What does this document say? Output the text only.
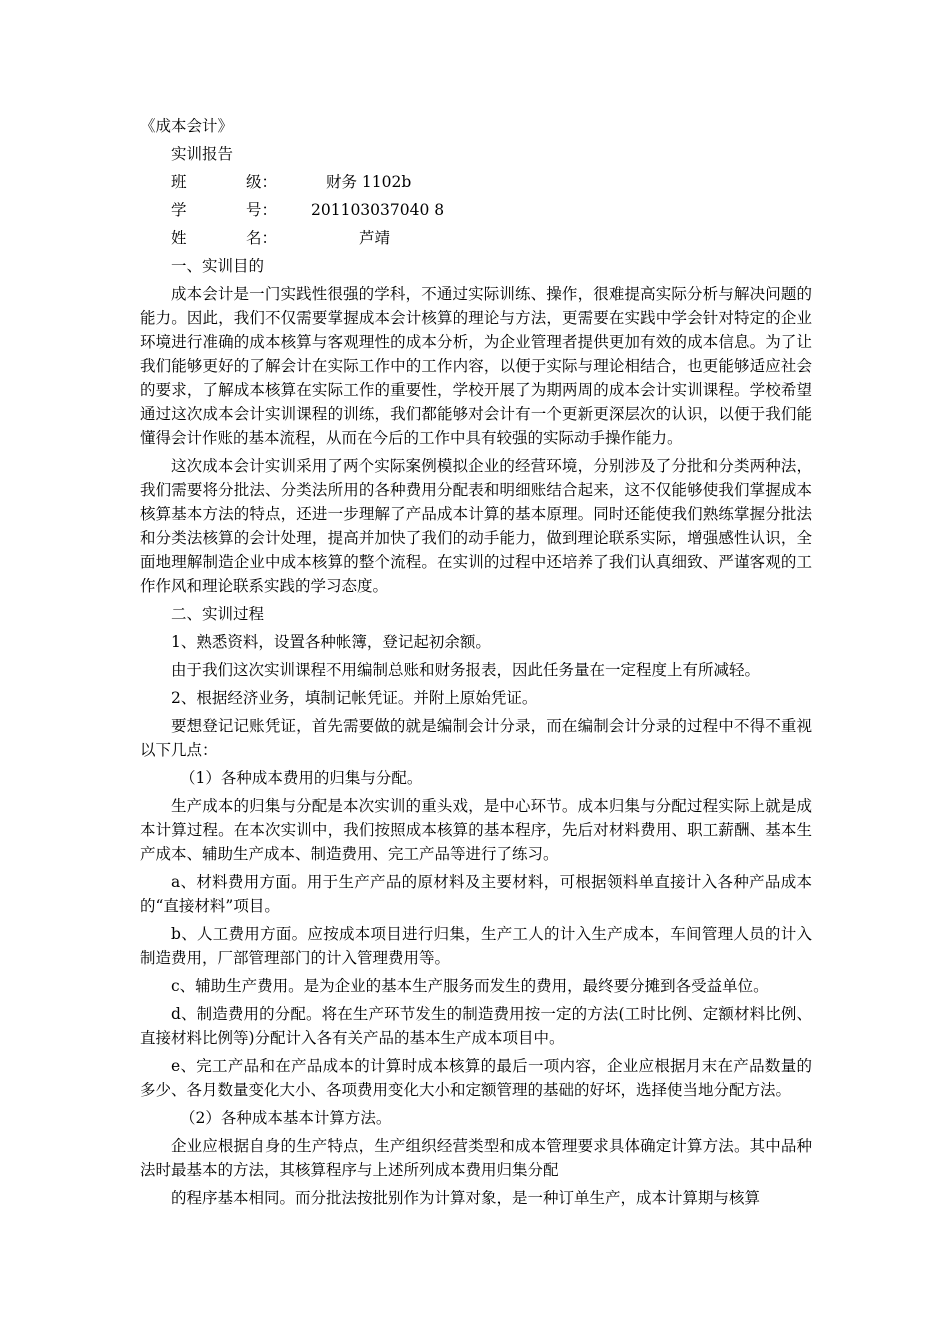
《成本会计》
实训报告
班	级：	财务 1102b
学	号：	201103037040 8
姓	名：	芦靖
一、实训目的

成本会计是一门实践性很强的学科，不通过实际训练、操作，很难提高实际分析与解决问题的能力。因此，我们不仅需要掌握成本会计核算的理论与方法，更需要在实践中学会针对特定的企业环境进行准确的成本核算与客观理性的成本分析，为企业管理者提供更加有效的成本信息。为了让我们能够更好的了解会计在实际工作中的工作内容，以便于实际与理论相结合，也更能够适应社会的要求，了解成本核算在实际工作的重要性，学校开展了为期两周的成本会计实训课程。学校希望通过这次成本会计实训课程的训练，我们都能够对会计有一个更新更深层次的认识，以便于我们能懂得会计作账的基本流程，从而在今后的工作中具有较强的实际动手操作能力。

这次成本会计实训采用了两个实际案例模拟企业的经营环境，分别涉及了分批和分类两种法，我们需要将分批法、分类法所用的各种费用分配表和明细账结合起来，这不仅能够使我们掌握成本核算基本方法的特点，还进一步理解了产品成本计算的基本原理。同时还能使我们熟练掌握分批法和分类法核算的会计处理，提高并加快了我们的动手能力，做到理论联系实际，增强感性认识，全面地理解制造企业中成本核算的整个流程。在实训的过程中还培养了我们认真细致、严谨客观的工作作风和理论联系实践的学习态度。

二、实训过程
1、熟悉资料，设置各种帐簿，登记起初余额。

由于我们这次实训课程不用编制总账和财务报表，因此任务量在一定程度上有所减轻。

2、根据经济业务，填制记帐凭证。并附上原始凭证。

要想登记记账凭证，首先需要做的就是编制会计分录，而在编制会计分录的过程中不得不重视以下几点：

（1）各种成本费用的归集与分配。

生产成本的归集与分配是本次实训的重头戏，是中心环节。成本归集与分配过程实际上就是成本计算过程。在本次实训中，我们按照成本核算的基本程序，先后对材料费用、职工薪酬、基本生产成本、辅助生产成本、制造费用、完工产品等进行了练习。

a、材料费用方面。用于生产产品的原材料及主要材料，可根据领料单直接计入各种产品成本的“直接材料”项目。

b、人工费用方面。应按成本项目进行归集，生产工人的计入生产成本，车间管理人员的计入制造费用，厂部管理部门的计入管理费用等。

c、辅助生产费用。是为企业的基本生产服务而发生的费用，最终要分摊到各受益单位。

d、制造费用的分配。将在生产环节发生的制造费用按一定的方法(工时比例、定额材料比例、直接材料比例等)分配计入各有关产品的基本生产成本项目中。

e、完工产品和在产品成本的计算时成本核算的最后一项内容，企业应根据月末在产品数量的多少、各月数量变化大小、各项费用变化大小和定额管理的基础的好坏，选择使当地分配方法。

（2）各种成本基本计算方法。

企业应根据自身的生产特点，生产组织经营类型和成本管理要求具体确定计算方法。其中品种法时最基本的方法，其核算程序与上述所列成本费用归集分配

的程序基本相同。而分批法按批别作为计算对象，是一种订单生产，成本计算期与核算
